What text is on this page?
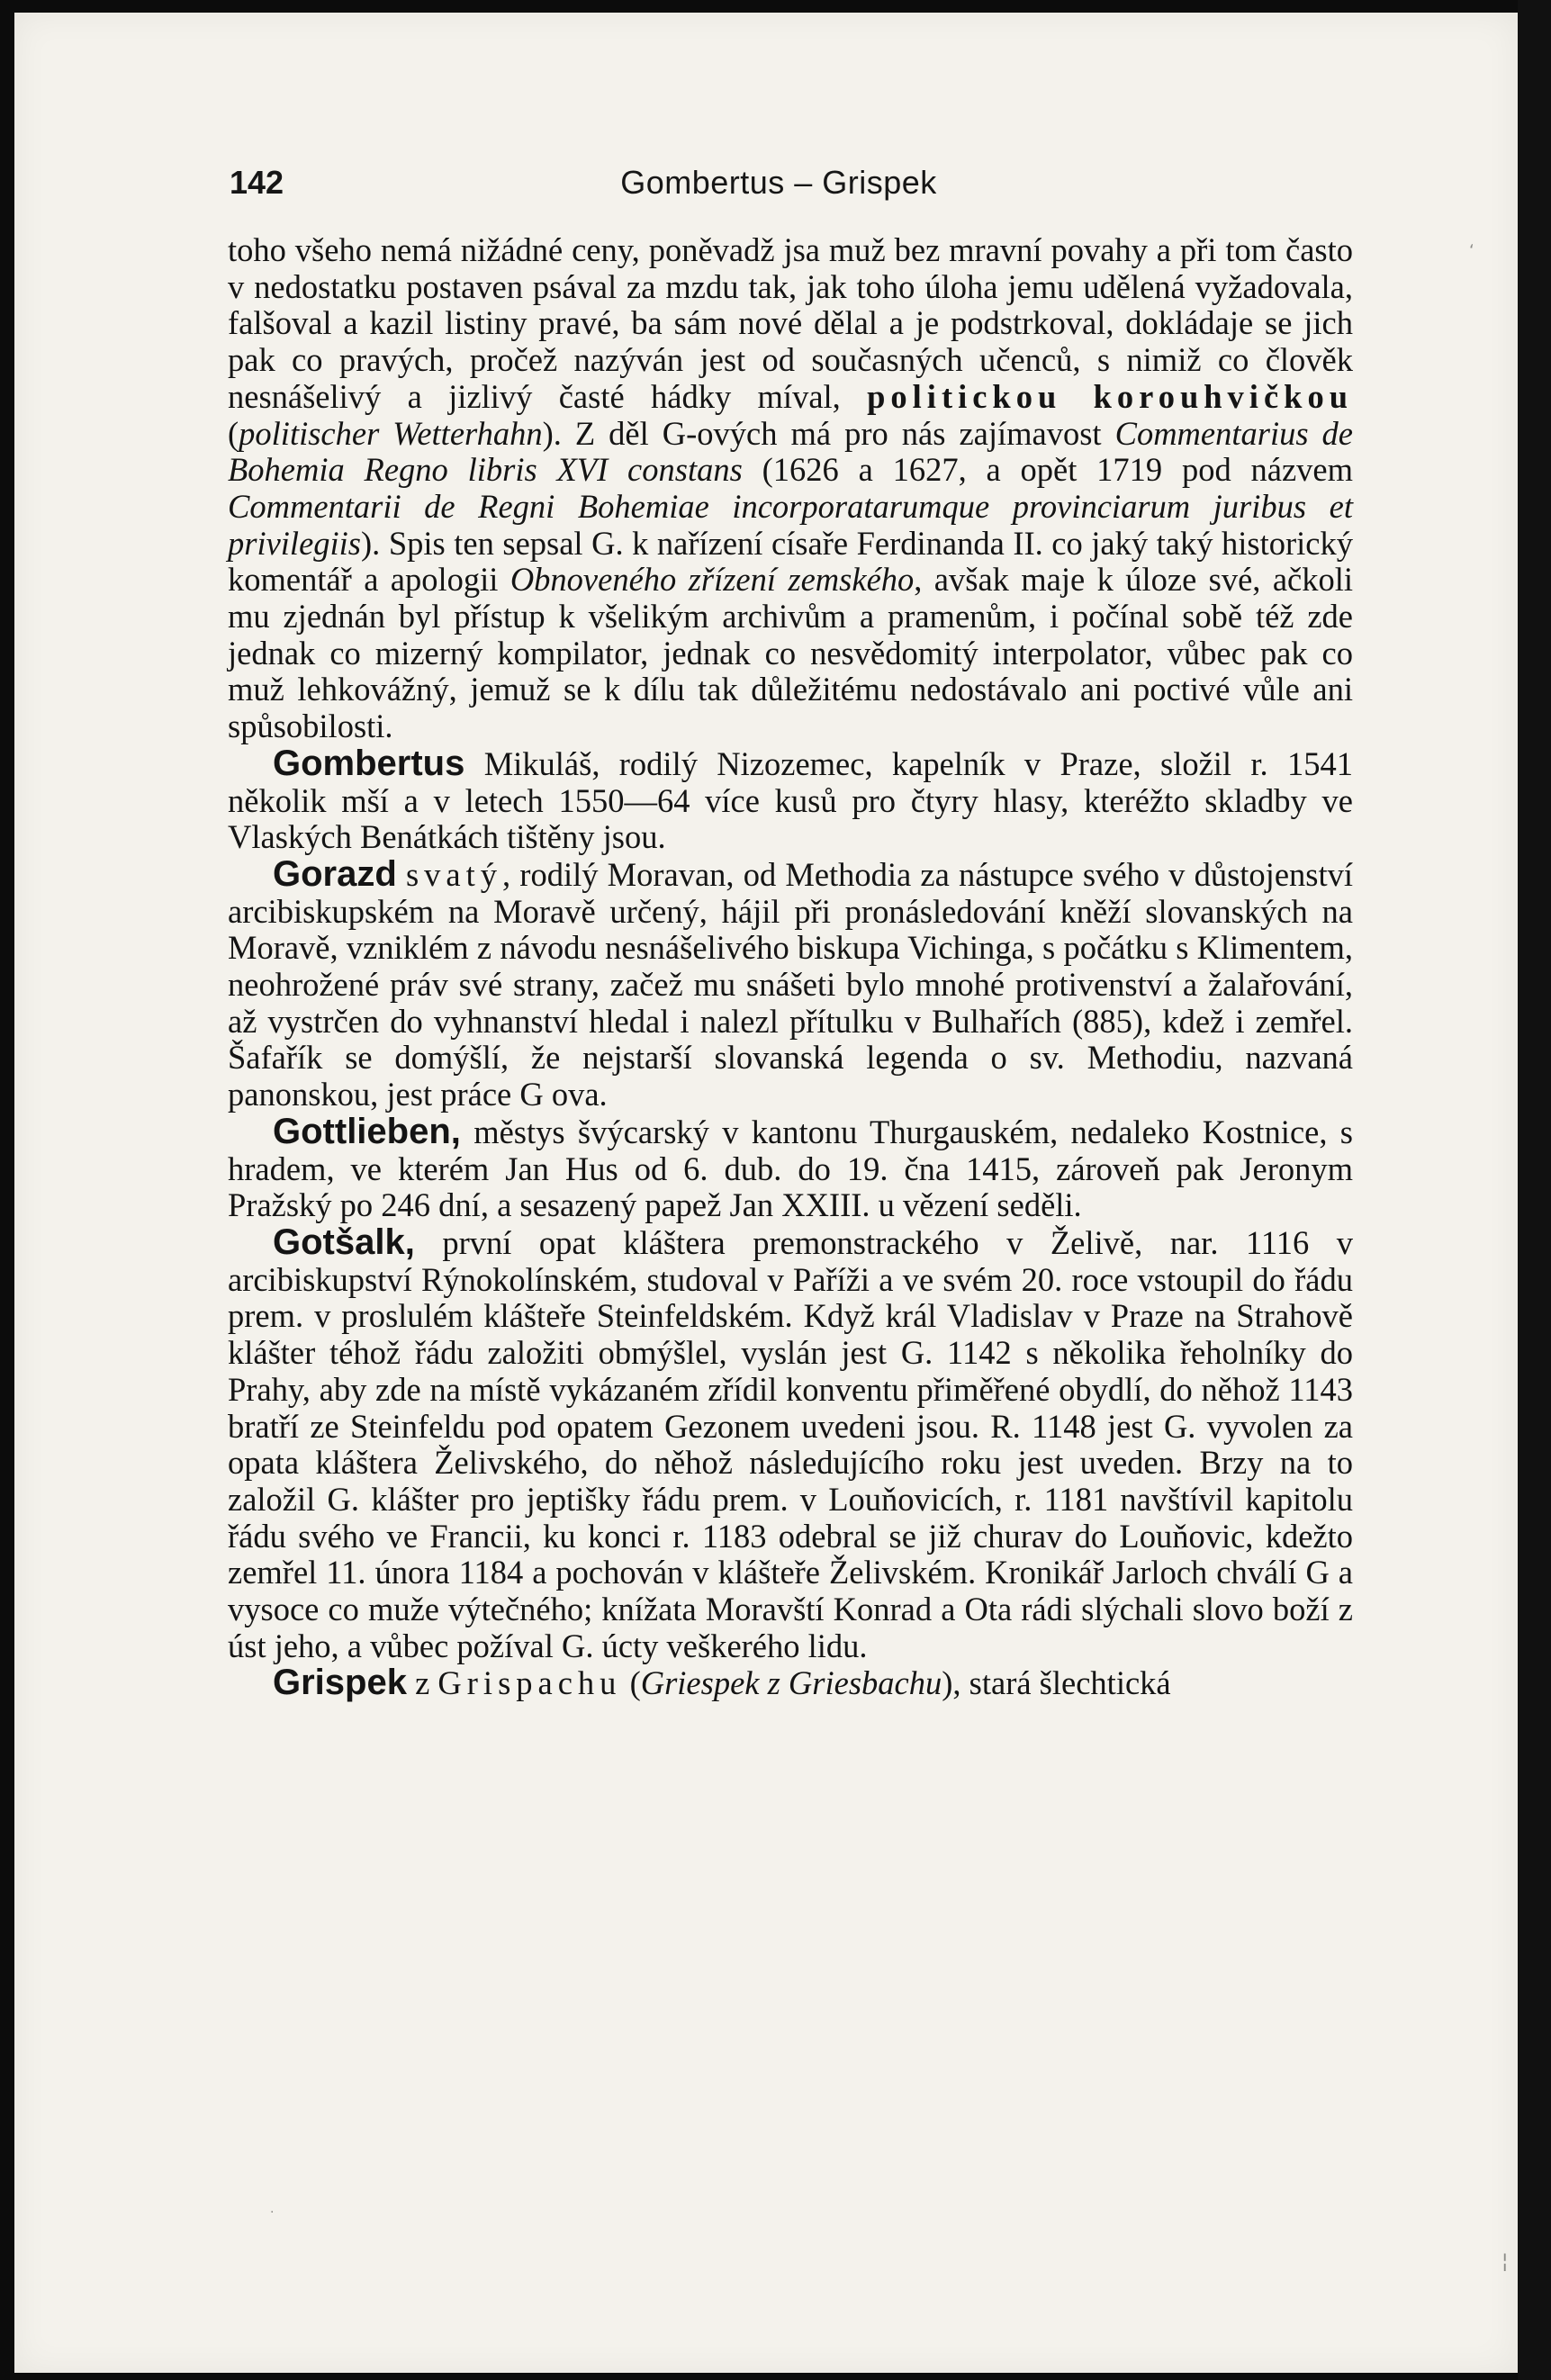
142	Gombertus – Grispek

toho všeho nemá nižádné ceny, poněvadž jsa muž bez mravní povahy a při tom často v nedostatku postaven psával za mzdu tak, jak toho úloha jemu udělená vyžadovala, falšoval a kazil listiny pravé, ba sám nové dělal a je podstrkoval, dokládaje se jich pak co pravých, pročež nazýván jest od současných učenců, s nimiž co člověk nesnášelivý a jizlivý časté hádky míval, politickou korouhvičkou (politischer Wetterhahn). Z děl G-ových má pro nás zajímavost Commentarius de Bohemia Regno libris XVI constans (1626 a 1627, a opět 1719 pod názvem Commentarii de Regni Bohemiae incorporatarumque provinciarum juribus et privilegiis). Spis ten sepsal G. k nařízení císaře Ferdinanda II. co jaký taký historický komentář a apologii Obnoveného zřízení zemského, avšak maje k úloze své, ačkoli mu zjednán byl přístup k všelikým archivům a pramenům, i počínal sobě též zde jednak co mizerný kompilator, jednak co nesvědomitý interpolator, vůbec pak co muž lehkovážný, jemuž se k dílu tak důležitému nedostávalo ani poctivé vůle ani spůsobilosti.

Gombertus Mikuláš, rodilý Nizozemec, kapelník v Praze, složil r. 1541 několik mší a v letech 1550—64 více kusů pro čtyry hlasy, kteréžto skladby ve Vlaských Benátkách tištěny jsou.

Gorazd svatý, rodilý Moravan, od Methodia za nástupce svého v důstojenství arcibiskupském na Moravě určený, hájil při pronásledování kněží slovanských na Moravě, vzniklém z návodu nesnášelivého biskupa Vichinga, s počátku s Klimentem, neohrožené práv své strany, začež mu snášeti bylo mnohé protivenství a žalařování, až vystrčen do vyhnanství hledal i nalezl přítulku v Bulhařích (885), kdež i zemřel. Šafařík se domýšlí, že nejstarší slovanská legenda o sv. Methodiu, nazvaná panonskou, jest práce G ova.

Gottlieben, městys švýcarský v kantonu Thurgauském, nedaleko Kostnice, s hradem, ve kterém Jan Hus od 6. dub. do 19. čna 1415, zároveň pak Jeronym Pražský po 246 dní, a sesazený papež Jan XXIII. u vězení seděli.

Gotšalk, první opat kláštera premonstrackého v Želivě, nar. 1116 v arcibiskupství Rýnokolínském, studoval v Paříži a ve svém 20. roce vstoupil do řádu prem. v proslulém klášteře Steinfeldském. Když král Vladislav v Praze na Strahově klášter téhož řádu založiti obmýšlel, vyslán jest G. 1142 s několika řeholníky do Prahy, aby zde na místě vykázaném zřídil konventu přiměřené obydlí, do něhož 1143 bratří ze Steinfeldu pod opatem Gezonem uvedeni jsou. R. 1148 jest G. vyvolen za opata kláštera Želivského, do něhož následujícího roku jest uveden. Brzy na to založil G. klášter pro jeptišky řádu prem. v Louňovicích, r. 1181 navštívil kapitolu řádu svého ve Francii, ku konci r. 1183 odebral se již churav do Louňovic, kdežto zemřel 11. února 1184 a pochován v klášteře Želivském. Kronikář Jarloch chválí G a vysoce co muže výtečného; knížata Moravští Konrad a Ota rádi slýchali slovo boží z úst jeho, a vůbec požíval G. úcty veškerého lidu.

Grispek z Grispachu (Griespek z Griesbachu), stará šlechtická

ʻ
¦
·
